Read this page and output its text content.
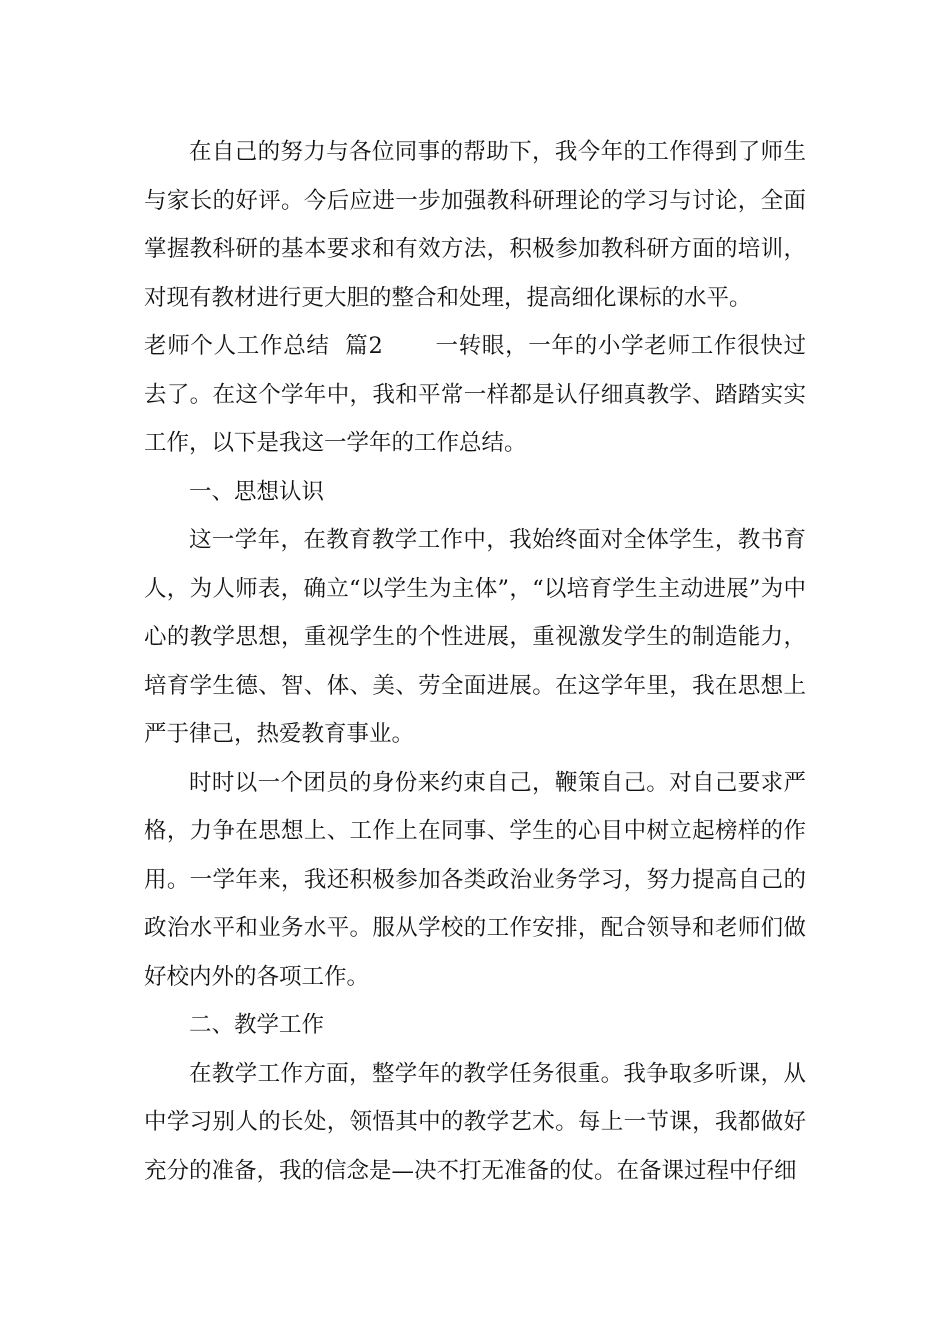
在自己的努力与各位同事的帮助下，我今年的工作得到了师生与家长的好评。今后应进一步加强教科研理论的学习与讨论，全面掌握教科研的基本要求和有效方法，积极参加教科研方面的培训，对现有教材进行更大胆的整合和处理，提高细化课标的水平。

老师个人工作总结  篇2 一转眼，一年的小学老师工作很快过去了。在这个学年中，我和平常一样都是认仔细真教学、踏踏实实工作，以下是我这一学年的工作总结。

一、思想认识

这一学年，在教育教学工作中，我始终面对全体学生，教书育人，为人师表，确立“以学生为主体”，“以培育学生主动进展”为中心的教学思想，重视学生的个性进展，重视激发学生的制造能力，培育学生德、智、体、美、劳全面进展。在这学年里，我在思想上严于律己，热爱教育事业。

时时以一个团员的身份来约束自己，鞭策自己。对自己要求严格，力争在思想上、工作上在同事、学生的心目中树立起榜样的作用。一学年来，我还积极参加各类政治业务学习，努力提高自己的政治水平和业务水平。服从学校的工作安排，配合领导和老师们做好校内外的各项工作。

二、教学工作

在教学工作方面，整学年的教学任务很重。我争取多听课，从中学习别人的长处，领悟其中的教学艺术。每上一节课，我都做好充分的准备，我的信念是—决不打无准备的仗。在备课过程中仔细
